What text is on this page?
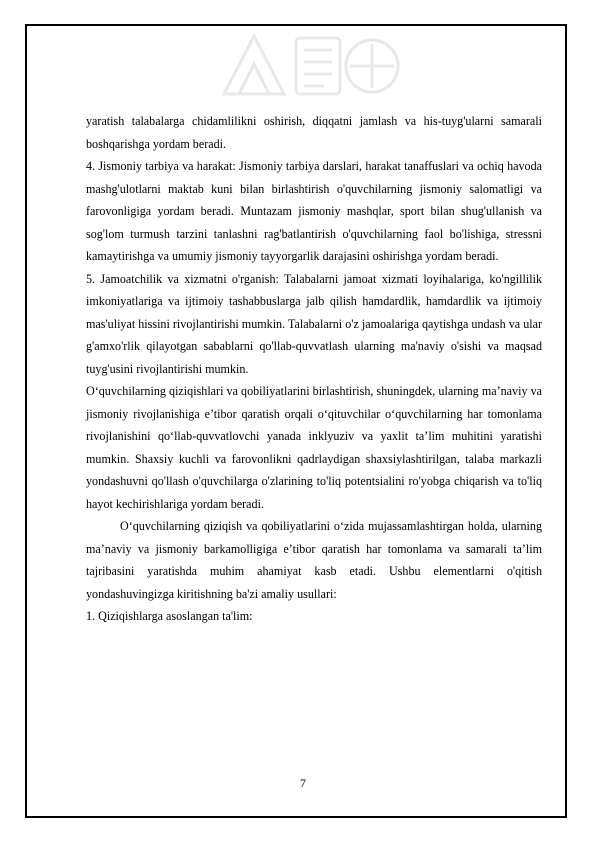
yaratish talabalarga chidamlilikni oshirish, diqqatni jamlash va his-tuyg'ularni samarali boshqarishga yordam beradi.

4. Jismoniy tarbiya va harakat: Jismoniy tarbiya darslari, harakat tanaffuslari va ochiq havoda mashg'ulotlarni maktab kuni bilan birlashtirish o'quvchilarning jismoniy salomatligi va farovonligiga yordam beradi. Muntazam jismoniy mashqlar, sport bilan shug'ullanish va sog'lom turmush tarzini tanlashni rag'batlantirish o'quvchilarning faol bo'lishiga, stressni kamaytirishga va umumiy jismoniy tayyorgarlik darajasini oshirishga yordam beradi.

5. Jamoatchilik va xizmatni o'rganish: Talabalarni jamoat xizmati loyihalariga, ko'ngillilik imkoniyatlariga va ijtimoiy tashabbuslarga jalb qilish hamdardlik, hamdardlik va ijtimoiy mas'uliyat hissini rivojlantirishi mumkin. Talabalarni o'z jamoalariga qaytishga undash va ular g'amxo'rlik qilayotgan sabablarni qo'llab-quvvatlash ularning ma'naviy o'sishi va maqsad tuyg'usini rivojlantirishi mumkin.

O‘quvchilarning qiziqishlari va qobiliyatlarini birlashtirish, shuningdek, ularning ma’naviy va jismoniy rivojlanishiga e’tibor qaratish orqali o‘qituvchilar o‘quvchilarning har tomonlama rivojlanishini qo‘llab-quvvatlovchi yanada inklyuziv va yaxlit ta’lim muhitini yaratishi mumkin. Shaxsiy kuchli va farovonlikni qadrlaydigan shaxsiylashtirilgan, talaba markazli yondashuvni qo'llash o'quvchilarga o'zlarining to'liq potentsialini ro'yobga chiqarish va to'liq hayot kechirishlariga yordam beradi.

O‘quvchilarning qiziqish va qobiliyatlarini o‘zida mujassamlashtirgan holda, ularning ma’naviy va jismoniy barkamolligiga e’tibor qaratish har tomonlama va samarali ta’lim tajribasini yaratishda muhim ahamiyat kasb etadi. Ushbu elementlarni o'qitish yondashuvingizga kiritishning ba'zi amaliy usullari:

1. Qiziqishlarga asoslangan ta'lim:

7
